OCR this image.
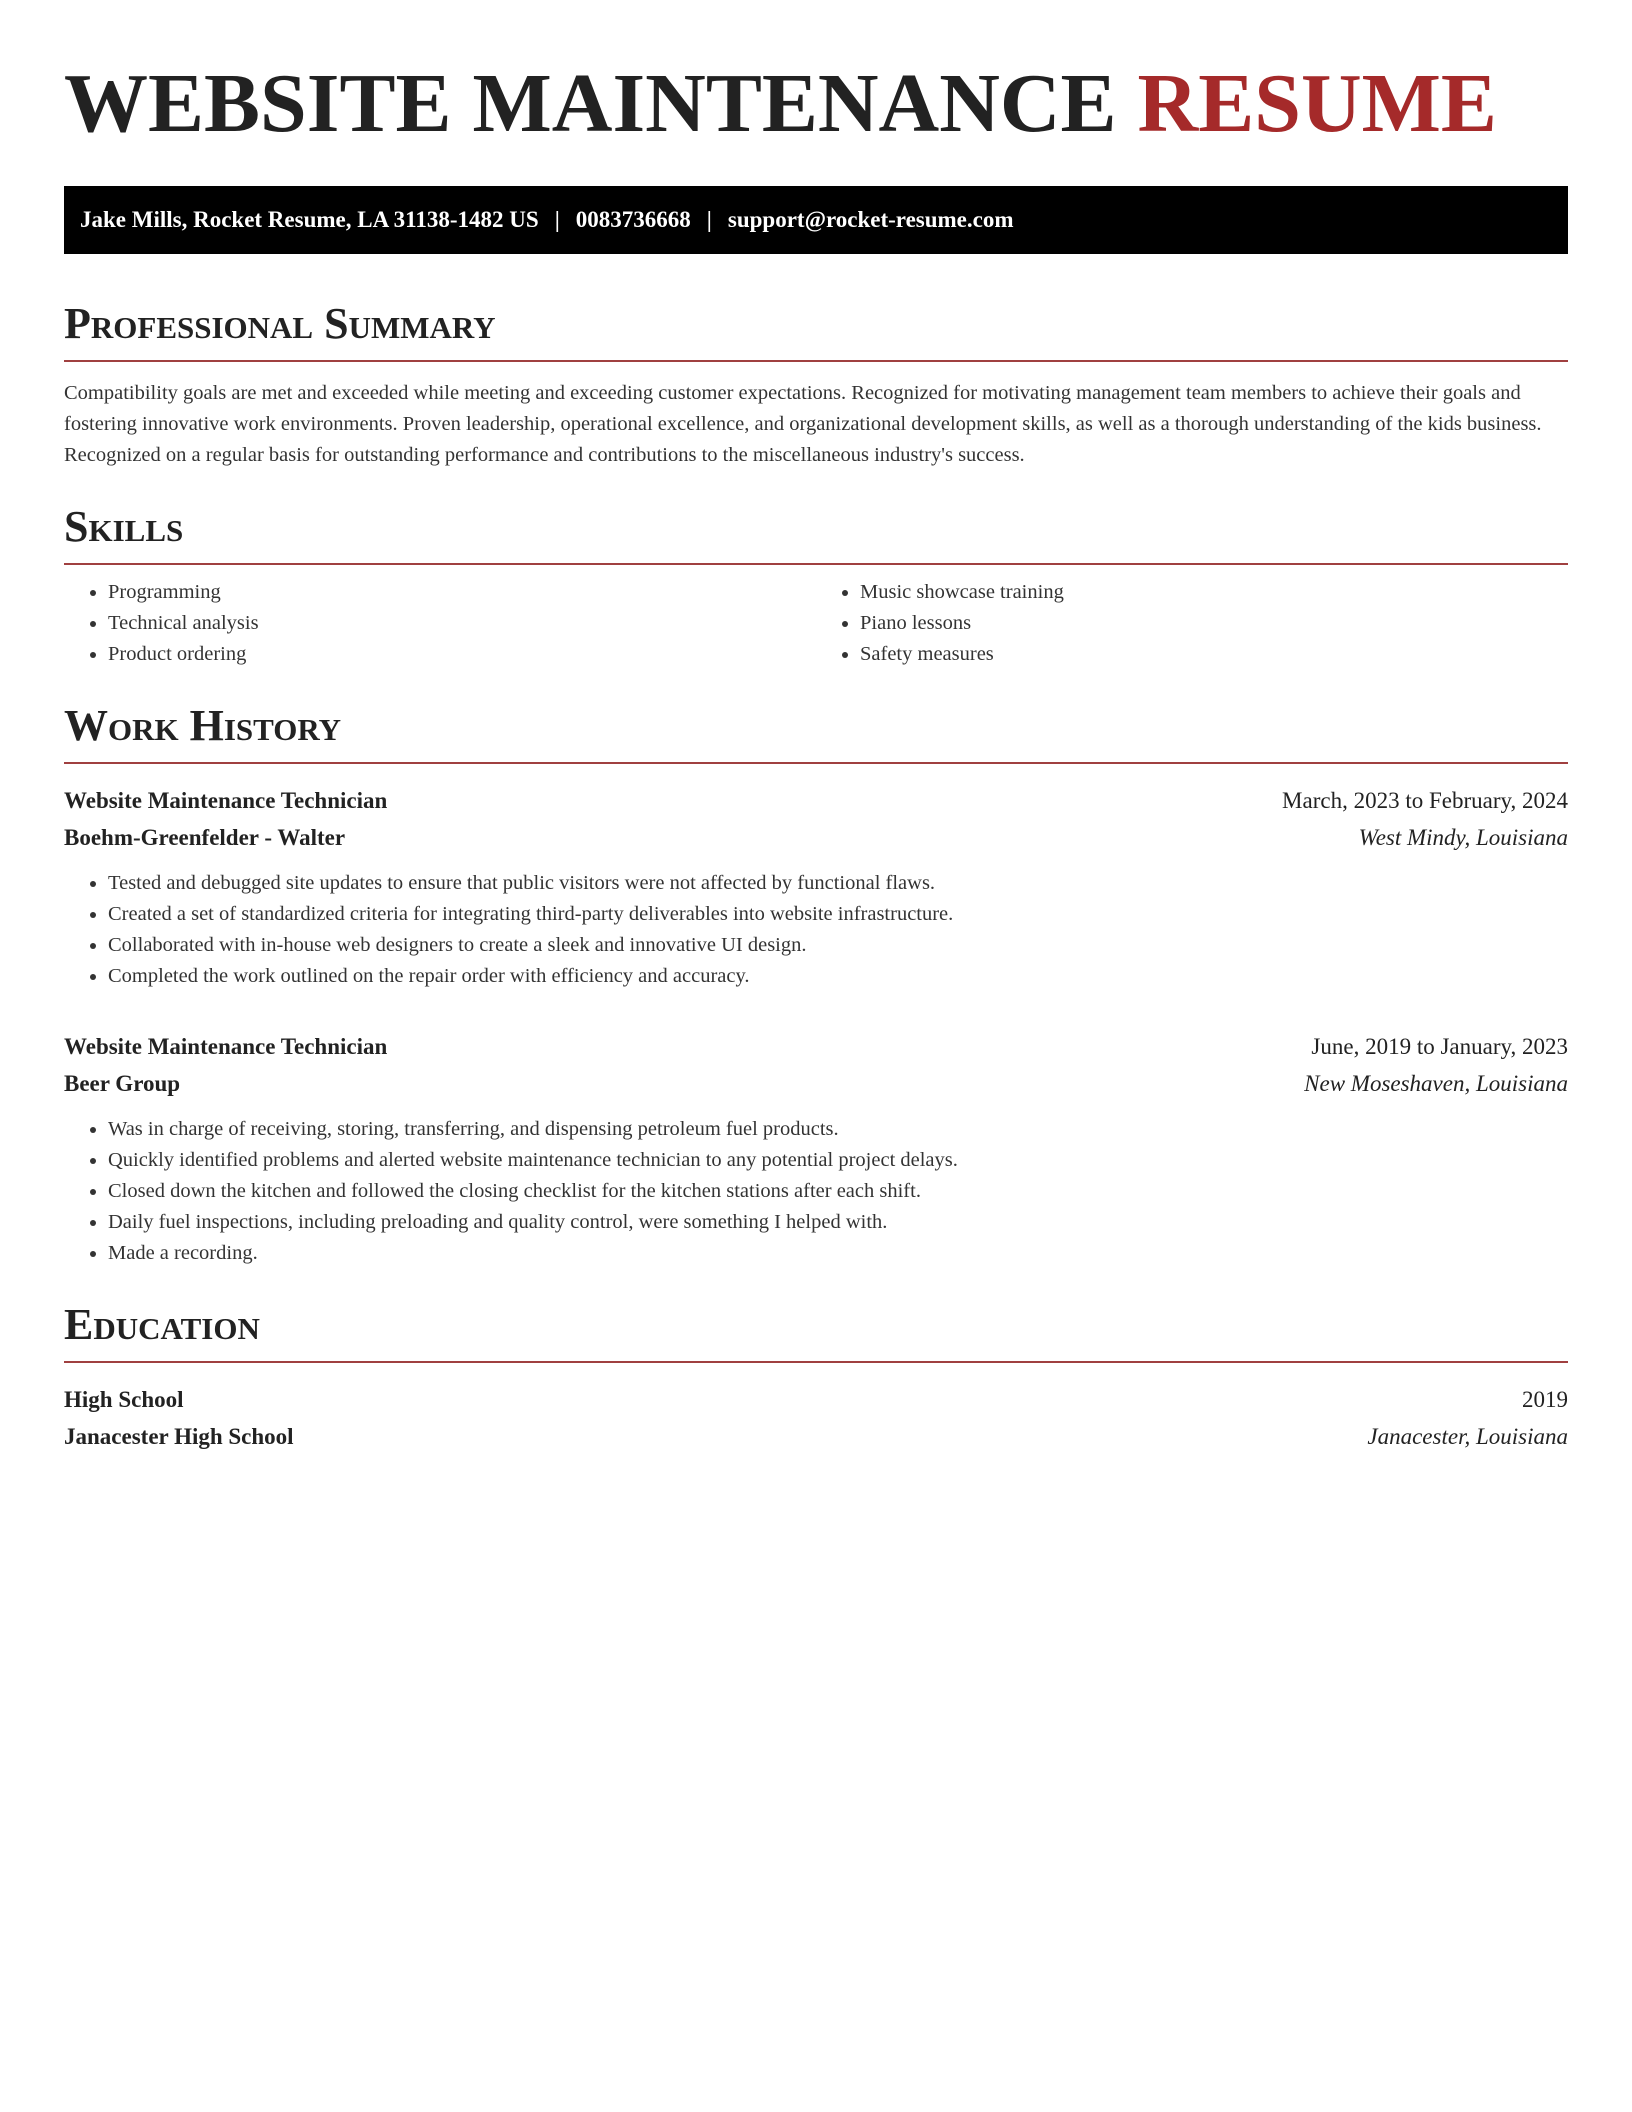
WEBSITE MAINTENANCE RESUME
Jake Mills, Rocket Resume, LA 31138-1482 US | 0083736668 | support@rocket-resume.com
Professional Summary

Compatibility goals are met and exceeded while meeting and exceeding customer expectations. Recognized for motivating management team members to achieve their goals and fostering innovative work environments. Proven leadership, operational excellence, and organizational development skills, as well as a thorough understanding of the kids business. Recognized on a regular basis for outstanding performance and contributions to the miscellaneous industry's success.

Skills
• Programming
• Technical analysis
• Product ordering
• Music showcase training
• Piano lessons
• Safety measures
Work History
Website Maintenance Technician	March, 2023 to February, 2024
Boehm-Greenfelder - Walter	West Mindy, Louisiana
• Tested and debugged site updates to ensure that public visitors were not affected by functional flaws.
• Created a set of standardized criteria for integrating third-party deliverables into website infrastructure.
• Collaborated with in-house web designers to create a sleek and innovative UI design.
• Completed the work outlined on the repair order with efficiency and accuracy.
Website Maintenance Technician	June, 2019 to January, 2023
Beer Group	New Moseshaven, Louisiana
• Was in charge of receiving, storing, transferring, and dispensing petroleum fuel products.
• Quickly identified problems and alerted website maintenance technician to any potential project delays.
• Closed down the kitchen and followed the closing checklist for the kitchen stations after each shift.
• Daily fuel inspections, including preloading and quality control, were something I helped with.
• Made a recording.
Education
High School	2019
Janacester High School	Janacester, Louisiana
